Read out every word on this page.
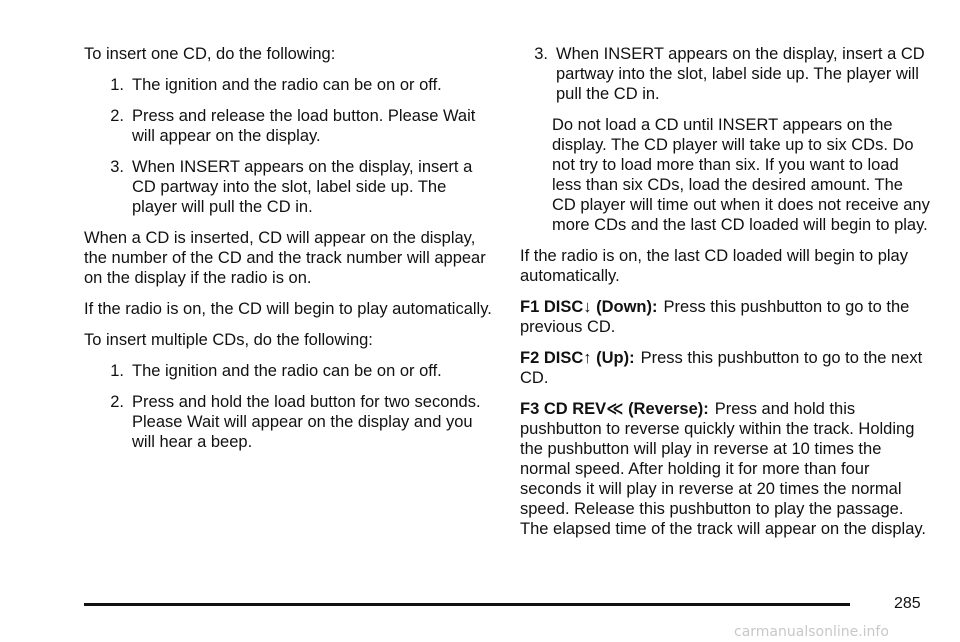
To insert one CD, do the following:

1. The ignition and the radio can be on or off.
2. Press and release the load button. Please Wait will appear on the display.
3. When INSERT appears on the display, insert a CD partway into the slot, label side up. The player will pull the CD in.

When a CD is inserted, CD will appear on the display, the number of the CD and the track number will appear on the display if the radio is on.

If the radio is on, the CD will begin to play automatically.

To insert multiple CDs, do the following:

1. The ignition and the radio can be on or off.
2. Press and hold the load button for two seconds. Please Wait will appear on the display and you will hear a beep.
3. When INSERT appears on the display, insert a CD partway into the slot, label side up. The player will pull the CD in.

Do not load a CD until INSERT appears on the display. The CD player will take up to six CDs. Do not try to load more than six. If you want to load less than six CDs, load the desired amount. The CD player will time out when it does not receive any more CDs and the last CD loaded will begin to play.

If the radio is on, the last CD loaded will begin to play automatically.

F1 DISC↓ (Down): Press this pushbutton to go to the previous CD.

F2 DISC↑ (Up): Press this pushbutton to go to the next CD.

F3 CD REV≪ (Reverse): Press and hold this pushbutton to reverse quickly within the track. Holding the pushbutton will play in reverse at 10 times the normal speed. After holding it for more than four seconds it will play in reverse at 20 times the normal speed. Release this pushbutton to play the passage. The elapsed time of the track will appear on the display.

285
carmanualsonline.info
